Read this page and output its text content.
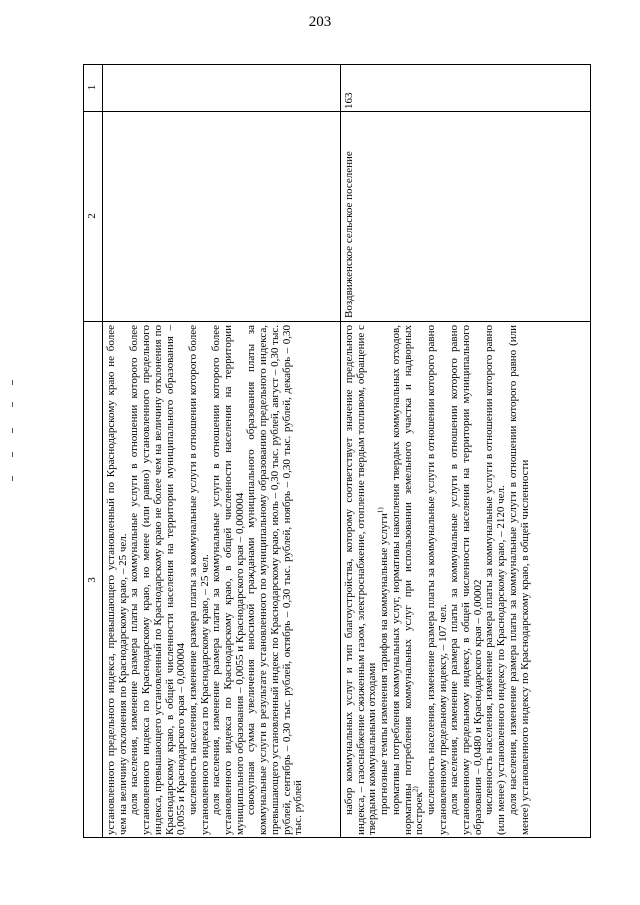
203
1
2
3 установленного предельного индекса, превышающего установленный по Краснодарскому краю не более чем на величину отклонения по Краснодарскому краю, – 25 чел. доля населения, изменение размера платы за коммунальные услуги в отношении которого более установленного индекса по Краснодарскому краю, но менее (или равно) установленного предельного индекса, превышающего установленный по Краснодарскому краю не более чем на величину отклонения по Краснодарскому краю, в общей численности населения на территории муниципального образования – 0,0055 и Краснодарского края – 0,000004 численность населения, изменение размера платы за коммунальные услуги в отношении которого более установленного индекса по Краснодарскому краю, – 25 чел. доля населения, изменение размера платы за коммунальные услуги в отношении которого более установленного индекса по Краснодарскому краю, в общей численности населения на территории муниципального образования – 0,0055 и Краснодарского края – 0,000004 совокупная сумма увеличения вносимой гражданами муниципального образования платы за коммунальные услуги в результате установленного по муниципальному образованию предельного индекса, превышающего установленный индекс по Краснодарскому краю, июль – 0,30 тыс. рублей, август – 0,30 тыс. рублей, сентябрь – 0,30 тыс. рублей, октябрь – 0,30 тыс. рублей, ноябрь – 0,30 тыс. рублей, декабрь – 0,30 тыс. рублей

163
Воздвиженское сельское поселение

набор коммунальных услуг и тип благоустройства, которому соответствует значение предельного индекса, – газоснабжение сжиженным газом, электроснабжение, отопление твердым топливом, обращение с твердыми коммунальными отходами прогнозные темпы изменения тарифов на коммунальные услуги$^{1)}$ нормативы потребления коммунальных услуг, нормативы накопления твердых коммунальных отходов, нормативы потребления коммунальных услуг при использовании земельного участка и надворных построек$^{2)}$ численность населения, изменение размера платы за коммунальные услуги в отношении которого равно установленному предельному индексу, – 107 чел. доля населения, изменение размера платы за коммунальные услуги в отношении которого равно установленному предельному индексу, в общей численности населения на территории муниципального образования – 0,0480 и Краснодарского края – 0,00002 численность населения, изменение размера платы за коммунальные услуги в отношении которого равно (или менее) установленного индексу по Краснодарскому краю, – 2120 чел. доля населения, изменение размера платы за коммунальные услуги в отношении которого равно (или менее) установленного индексу по Краснодарскому краю, в общей численности
